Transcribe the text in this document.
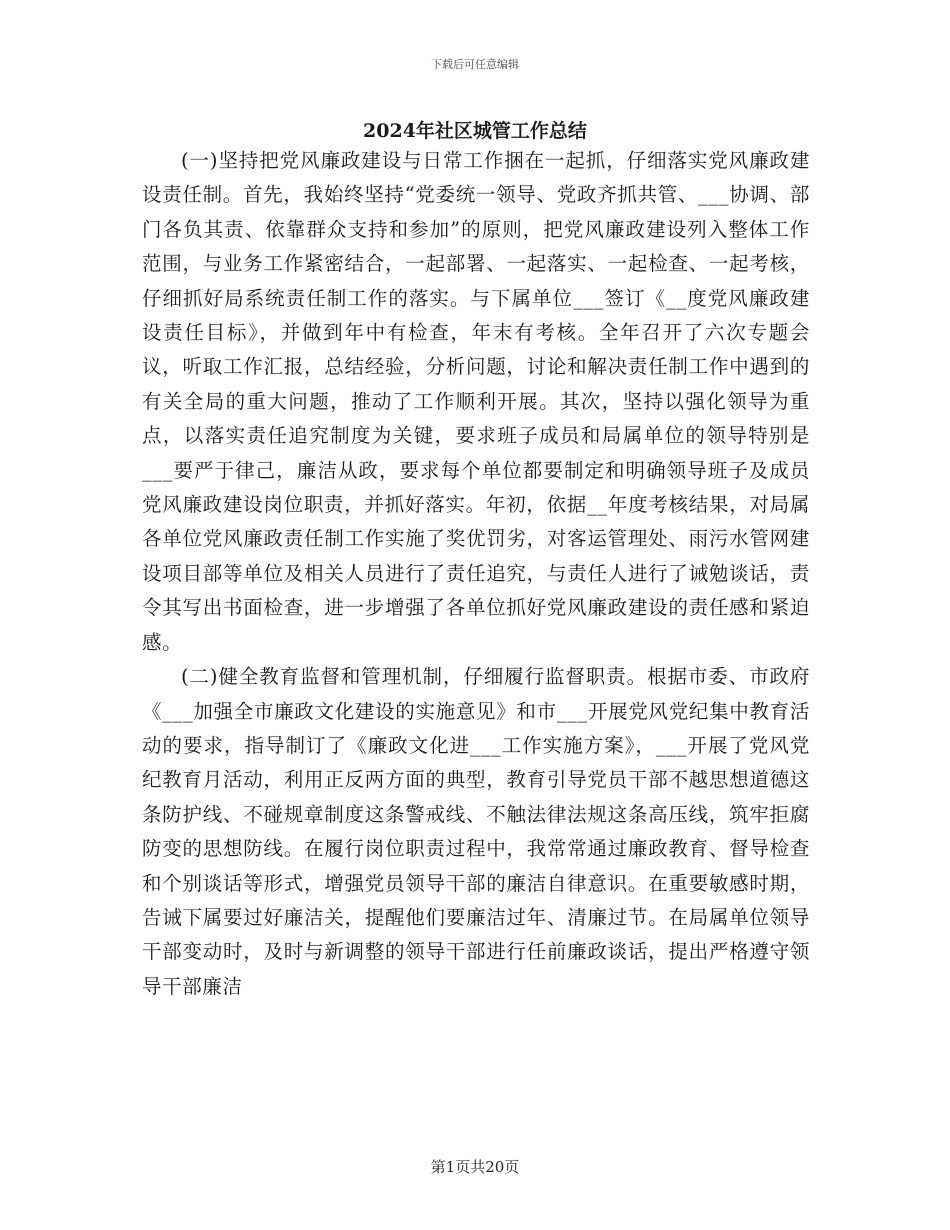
下载后可任意编辑
2024年社区城管工作总结

(一)坚持把党风廉政建设与日常工作捆在一起抓，仔细落实党风廉政建设责任制。首先，我始终坚持“党委统一领导、党政齐抓共管、___协调、部门各负其责、依靠群众支持和参加”的原则，把党风廉政建设列入整体工作范围，与业务工作紧密结合，一起部署、一起落实、一起检查、一起考核，仔细抓好局系统责任制工作的落实。与下属单位___签订《__度党风廉政建设责任目标》，并做到年中有检查，年末有考核。全年召开了六次专题会议，听取工作汇报，总结经验，分析问题，讨论和解决责任制工作中遇到的有关全局的重大问题，推动了工作顺利开展。其次，坚持以强化领导为重点，以落实责任追究制度为关键，要求班子成员和局属单位的领导特别是___要严于律己，廉洁从政，要求每个单位都要制定和明确领导班子及成员党风廉政建设岗位职责，并抓好落实。年初，依据__年度考核结果，对局属各单位党风廉政责任制工作实施了奖优罚劣，对客运管理处、雨污水管网建设项目部等单位及相关人员进行了责任追究，与责任人进行了诫勉谈话，责令其写出书面检查，进一步增强了各单位抓好党风廉政建设的责任感和紧迫感。

(二)健全教育监督和管理机制，仔细履行监督职责。根据市委、市政府《___加强全市廉政文化建设的实施意见》和市___开展党风党纪集中教育活动的要求，指导制订了《廉政文化进___工作实施方案》，___开展了党风党纪教育月活动，利用正反两方面的典型，教育引导党员干部不越思想道德这条防护线、不碰规章制度这条警戒线、不触法律法规这条高压线，筑牢拒腐防变的思想防线。在履行岗位职责过程中，我常常通过廉政教育、督导检查和个别谈话等形式，增强党员领导干部的廉洁自律意识。在重要敏感时期，告诫下属要过好廉洁关，提醒他们要廉洁过年、清廉过节。在局属单位领导干部变动时，及时与新调整的领导干部进行任前廉政谈话，提出严格遵守领导干部廉洁

第1页共20页
